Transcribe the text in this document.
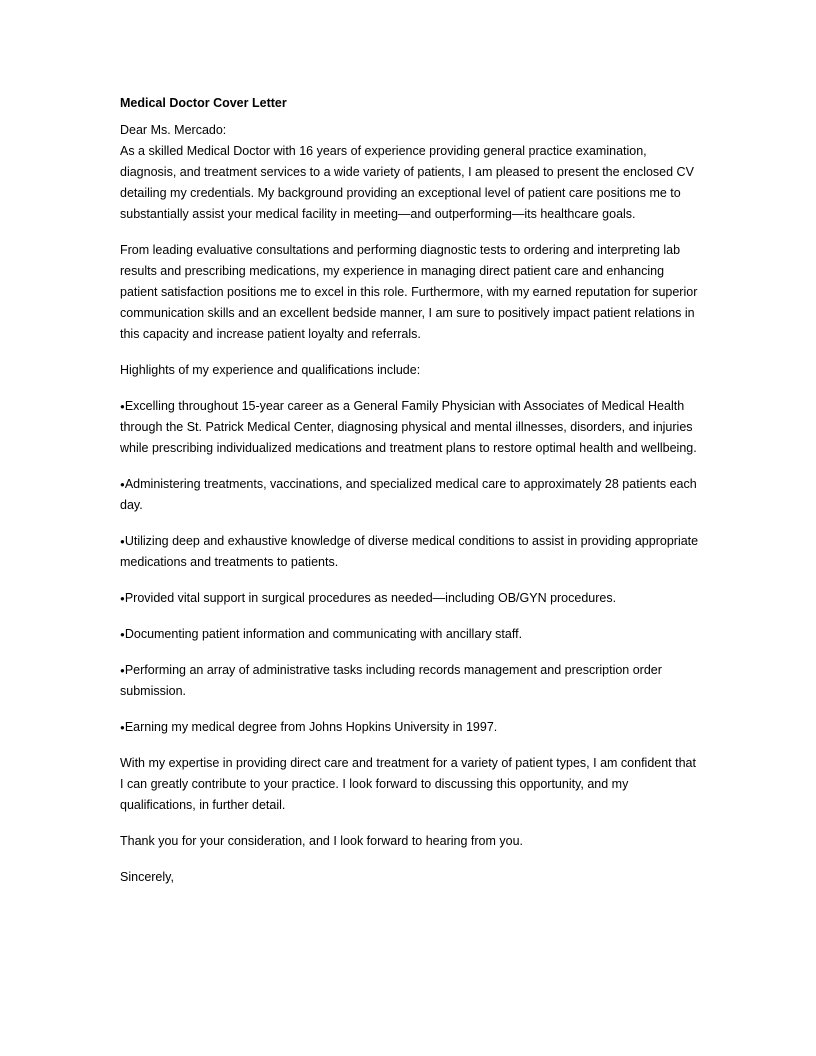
Medical Doctor Cover Letter
Dear Ms. Mercado:

As a skilled Medical Doctor with 16 years of experience providing general practice examination, diagnosis, and treatment services to a wide variety of patients, I am pleased to present the enclosed CV detailing my credentials. My background providing an exceptional level of patient care positions me to substantially assist your medical facility in meeting—and outperforming—its healthcare goals.

From leading evaluative consultations and performing diagnostic tests to ordering and interpreting lab results and prescribing medications, my experience in managing direct patient care and enhancing patient satisfaction positions me to excel in this role. Furthermore, with my earned reputation for superior communication skills and an excellent bedside manner, I am sure to positively impact patient relations in this capacity and increase patient loyalty and referrals.

Highlights of my experience and qualifications include:

●Excelling throughout 15-year career as a General Family Physician with Associates of Medical Health through the St. Patrick Medical Center, diagnosing physical and mental illnesses, disorders, and injuries while prescribing individualized medications and treatment plans to restore optimal health and wellbeing.
●Administering treatments, vaccinations, and specialized medical care to approximately 28 patients each day.
●Utilizing deep and exhaustive knowledge of diverse medical conditions to assist in providing appropriate medications and treatments to patients.
●Provided vital support in surgical procedures as needed—including OB/GYN procedures.
●Documenting patient information and communicating with ancillary staff.
●Performing an array of administrative tasks including records management and prescription order submission.
●Earning my medical degree from Johns Hopkins University in 1997.

With my expertise in providing direct care and treatment for a variety of patient types, I am confident that I can greatly contribute to your practice. I look forward to discussing this opportunity, and my qualifications, in further detail.

Thank you for your consideration, and I look forward to hearing from you.

Sincerely,
